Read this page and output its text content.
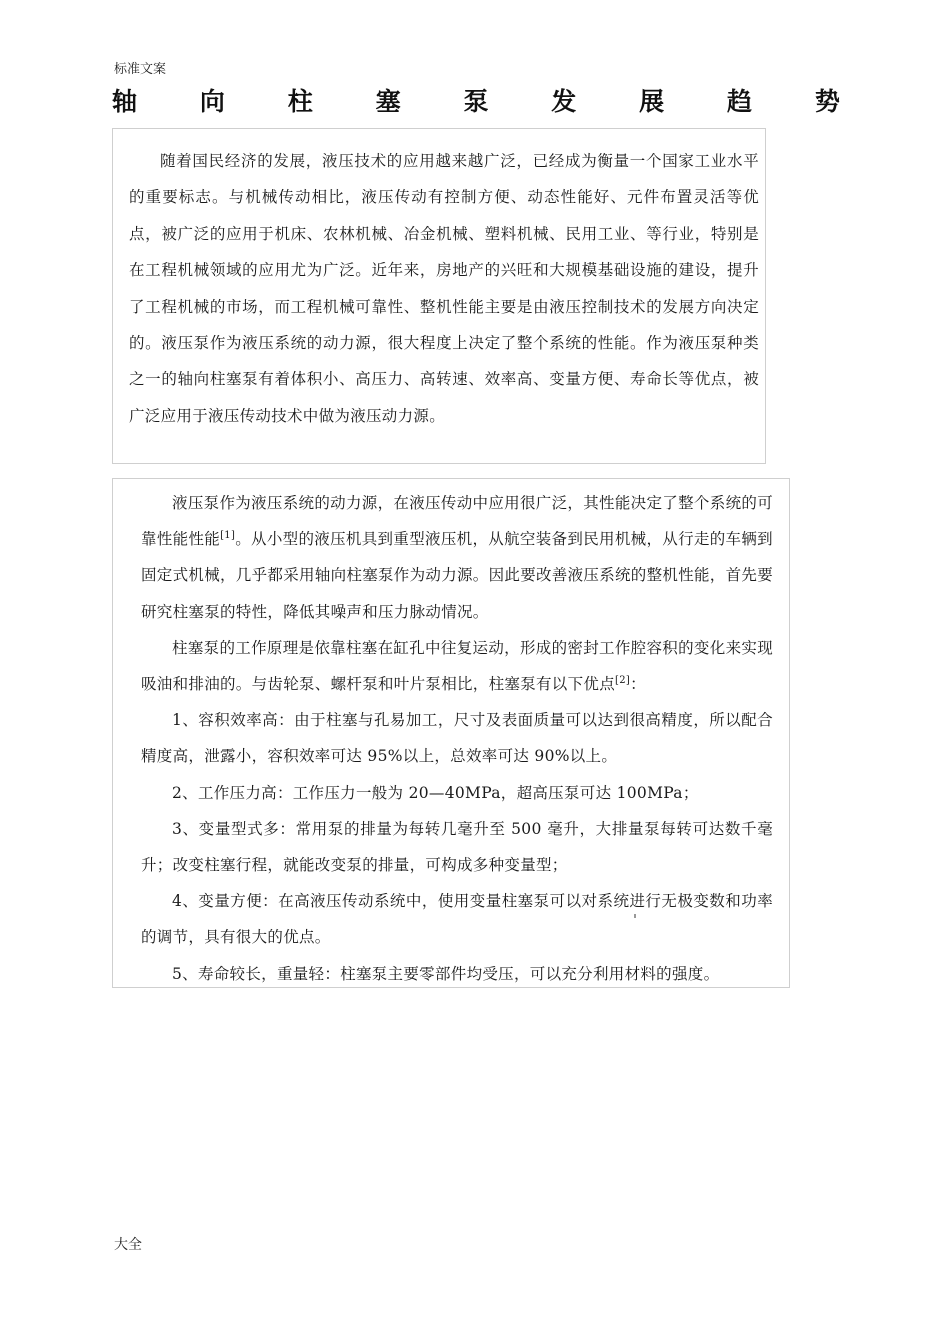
标准文案
轴	向	柱	塞	泵	发	展	趋	势

随着国民经济的发展，液压技术的应用越来越广泛，已经成为衡量一个国家工业水平的重要标志。与机械传动相比，液压传动有控制方便、动态性能好、元件布置灵活等优点，被广泛的应用于机床、农林机械、冶金机械、塑料机械、民用工业、等行业，特别是在工程机械领域的应用尤为广泛。近年来，房地产的兴旺和大规模基础设施的建设，提升了工程机械的市场，而工程机械可靠性、整机性能主要是由液压控制技术的发展方向决定的。液压泵作为液压系统的动力源，很大程度上决定了整个系统的性能。作为液压泵种类之一的轴向柱塞泵有着体积小、高压力、高转速、效率高、变量方便、寿命长等优点，被广泛应用于液压传动技术中做为液压动力源。

液压泵作为液压系统的动力源，在液压传动中应用很广泛，其性能决定了整个系统的可靠性能性能[1]。从小型的液压机具到重型液压机，从航空装备到民用机械，从行走的车辆到固定式机械，几乎都采用轴向柱塞泵作为动力源。因此要改善液压系统的整机性能，首先要研究柱塞泵的特性，降低其噪声和压力脉动情况。

柱塞泵的工作原理是依靠柱塞在缸孔中往复运动，形成的密封工作腔容积的变化来实现吸油和排油的。与齿轮泵、螺杆泵和叶片泵相比，柱塞泵有以下优点[2]：

1、容积效率高：由于柱塞与孔易加工，尺寸及表面质量可以达到很高精度，所以配合精度高，泄露小，容积效率可达 95%以上，总效率可达 90%以上。

2、工作压力高：工作压力一般为 20—40MPa，超高压泵可达 100MPa；

3、变量型式多：常用泵的排量为每转几毫升至 500 毫升，大排量泵每转可达数千毫升；改变柱塞行程，就能改变泵的排量，可构成多种变量型；

4、变量方便：在高液压传动系统中，使用变量柱塞泵可以对系统进行无极变数和功率的调节，具有很大的优点。

5、寿命较长，重量轻：柱塞泵主要零部件均受压，可以充分利用材料的强度。

大全
